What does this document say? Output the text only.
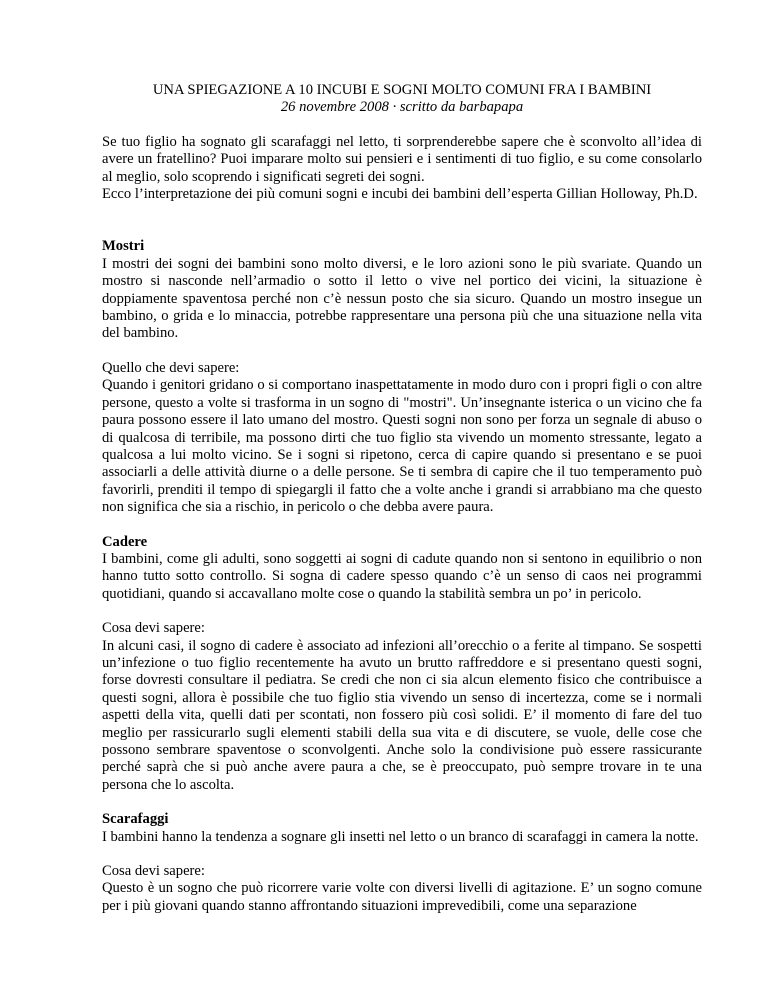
UNA SPIEGAZIONE A 10 INCUBI E SOGNI MOLTO COMUNI FRA I BAMBINI
26 novembre 2008 · scritto da barbapapa

Se tuo figlio ha sognato gli scarafaggi nel letto, ti sorprenderebbe sapere che è sconvolto all’idea di avere un fratellino? Puoi imparare molto sui pensieri e i sentimenti di tuo figlio, e su come consolarlo al meglio, solo scoprendo i significati segreti dei sogni.

Ecco l’interpretazione dei più comuni sogni e incubi dei bambini dell’esperta Gillian Holloway, Ph.D.

Mostri

I mostri dei sogni dei bambini sono molto diversi, e le loro azioni sono le più svariate. Quando un mostro si nasconde nell’armadio o sotto il letto o vive nel portico dei vicini, la situazione è doppiamente spaventosa perché non c’è nessun posto che sia sicuro. Quando un mostro insegue un bambino, o grida e lo minaccia, potrebbe rappresentare una persona più che una situazione nella vita del bambino.

Quello che devi sapere:

Quando i genitori gridano o si comportano inaspettatamente in modo duro con i propri figli o con altre persone, questo a volte si trasforma in un sogno di "mostri". Un’insegnante isterica o un vicino che fa paura possono essere il lato umano del mostro. Questi sogni non sono per forza un segnale di abuso o di qualcosa di terribile, ma possono dirti che tuo figlio sta vivendo un momento stressante, legato a qualcosa a lui molto vicino. Se i sogni si ripetono, cerca di capire quando si presentano e se puoi associarli a delle attività diurne o a delle persone. Se ti sembra di capire che il tuo temperamento può favorirli, prenditi il tempo di spiegargli il fatto che a volte anche i grandi si arrabbiano ma che questo non significa che sia a rischio, in pericolo o che debba avere paura.

Cadere

I bambini, come gli adulti, sono soggetti ai sogni di cadute quando non si sentono in equilibrio o non hanno tutto sotto controllo. Si sogna di cadere spesso quando c’è un senso di caos nei programmi quotidiani, quando si accavallano molte cose o quando la stabilità sembra un po’ in pericolo.

Cosa devi sapere:

In alcuni casi, il sogno di cadere è associato ad infezioni all’orecchio o a ferite al timpano. Se sospetti un’infezione o tuo figlio recentemente ha avuto un brutto raffreddore e si presentano questi sogni, forse dovresti consultare il pediatra. Se credi che non ci sia alcun elemento fisico che contribuisce a questi sogni, allora è possibile che tuo figlio stia vivendo un senso di incertezza, come se i normali aspetti della vita, quelli dati per scontati, non fossero più così solidi. E’ il momento di fare del tuo meglio per rassicurarlo sugli elementi stabili della sua vita e di discutere, se vuole, delle cose che possono sembrare spaventose o sconvolgenti. Anche solo la condivisione può essere rassicurante perché saprà che si può anche avere paura a che, se è preoccupato, può sempre trovare in te una persona che lo ascolta.

Scarafaggi

I bambini hanno la tendenza a sognare gli insetti nel letto o un branco di scarafaggi in camera la notte.

Cosa devi sapere:

Questo è un sogno che può ricorrere varie volte con diversi livelli di agitazione. E’ un sogno comune per i più giovani quando stanno affrontando situazioni imprevedibili, come una separazione
